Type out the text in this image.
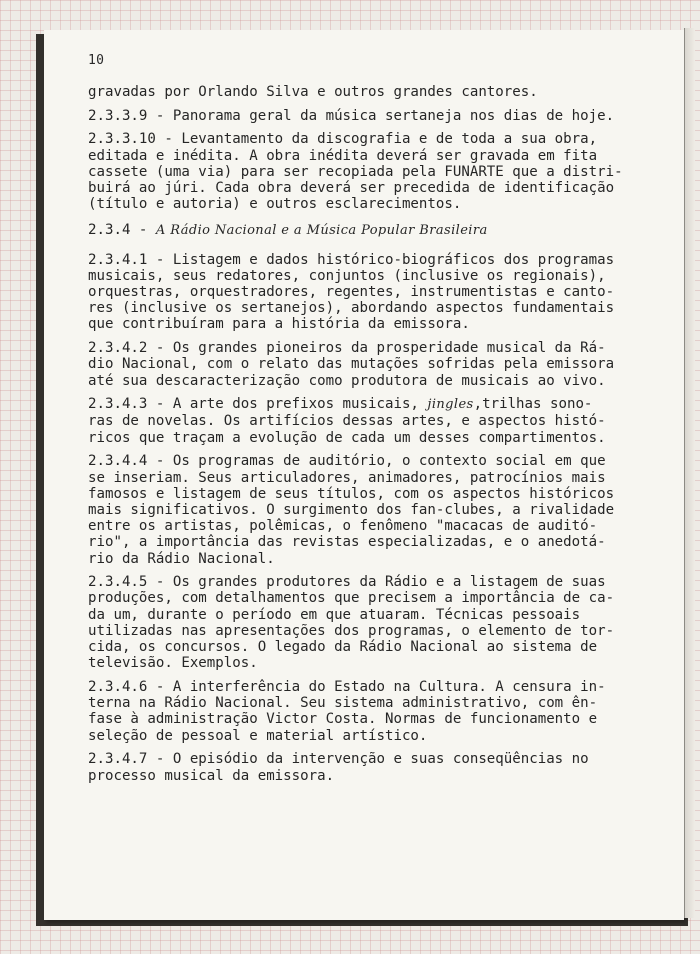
10

gravadas por Orlando Silva e outros grandes cantores.

2.3.3.9 - Panorama geral da música sertaneja nos dias de hoje.

2.3.3.10 - Levantamento da discografia e de toda a sua obra,
editada e inédita. A obra inédita deverá ser gravada em fita
cassete (uma via) para ser recopiada pela FUNARTE que a distri-
buirá ao júri. Cada obra deverá ser precedida de identificação
(título e autoria) e outros esclarecimentos.

2.3.4 - A Rádio Nacional e a Música Popular Brasileira

2.3.4.1 - Listagem e dados histórico-biográficos dos programas
musicais, seus redatores, conjuntos (inclusive os regionais),
orquestras, orquestradores, regentes, instrumentistas e canto-
res (inclusive os sertanejos), abordando aspectos fundamentais
que contribuíram para a história da emissora.

2.3.4.2 - Os grandes pioneiros da prosperidade musical da Rá-
dio Nacional, com o relato das mutações sofridas pela emissora
até sua descaracterização como produtora de musicais ao vivo.

2.3.4.3 - A arte dos prefixos musicais, jingles,trilhas sono-
ras de novelas. Os artifícios dessas artes, e aspectos histó-
ricos que traçam a evolução de cada um desses compartimentos.

2.3.4.4 - Os programas de auditório, o contexto social em que
se inseriam. Seus articuladores, animadores, patrocínios mais
famosos e listagem de seus títulos, com os aspectos históricos
mais significativos. O surgimento dos fan-clubes, a rivalidade
entre os artistas, polêmicas, o fenômeno "macacas de auditó-
rio", a importância das revistas especializadas, e o anedotá-
rio da Rádio Nacional.

2.3.4.5 - Os grandes produtores da Rádio e a listagem de suas
produções, com detalhamentos que precisem a importância de ca-
da um, durante o período em que atuaram. Técnicas pessoais
utilizadas nas apresentações dos programas, o elemento de tor-
cida, os concursos. O legado da Rádio Nacional ao sistema de
televisão. Exemplos.

2.3.4.6 - A interferência do Estado na Cultura. A censura in-
terna na Rádio Nacional. Seu sistema administrativo, com ên-
fase à administração Victor Costa. Normas de funcionamento e
seleção de pessoal e material artístico.

2.3.4.7 - O episódio da intervenção e suas conseqüências no
processo musical da emissora.
